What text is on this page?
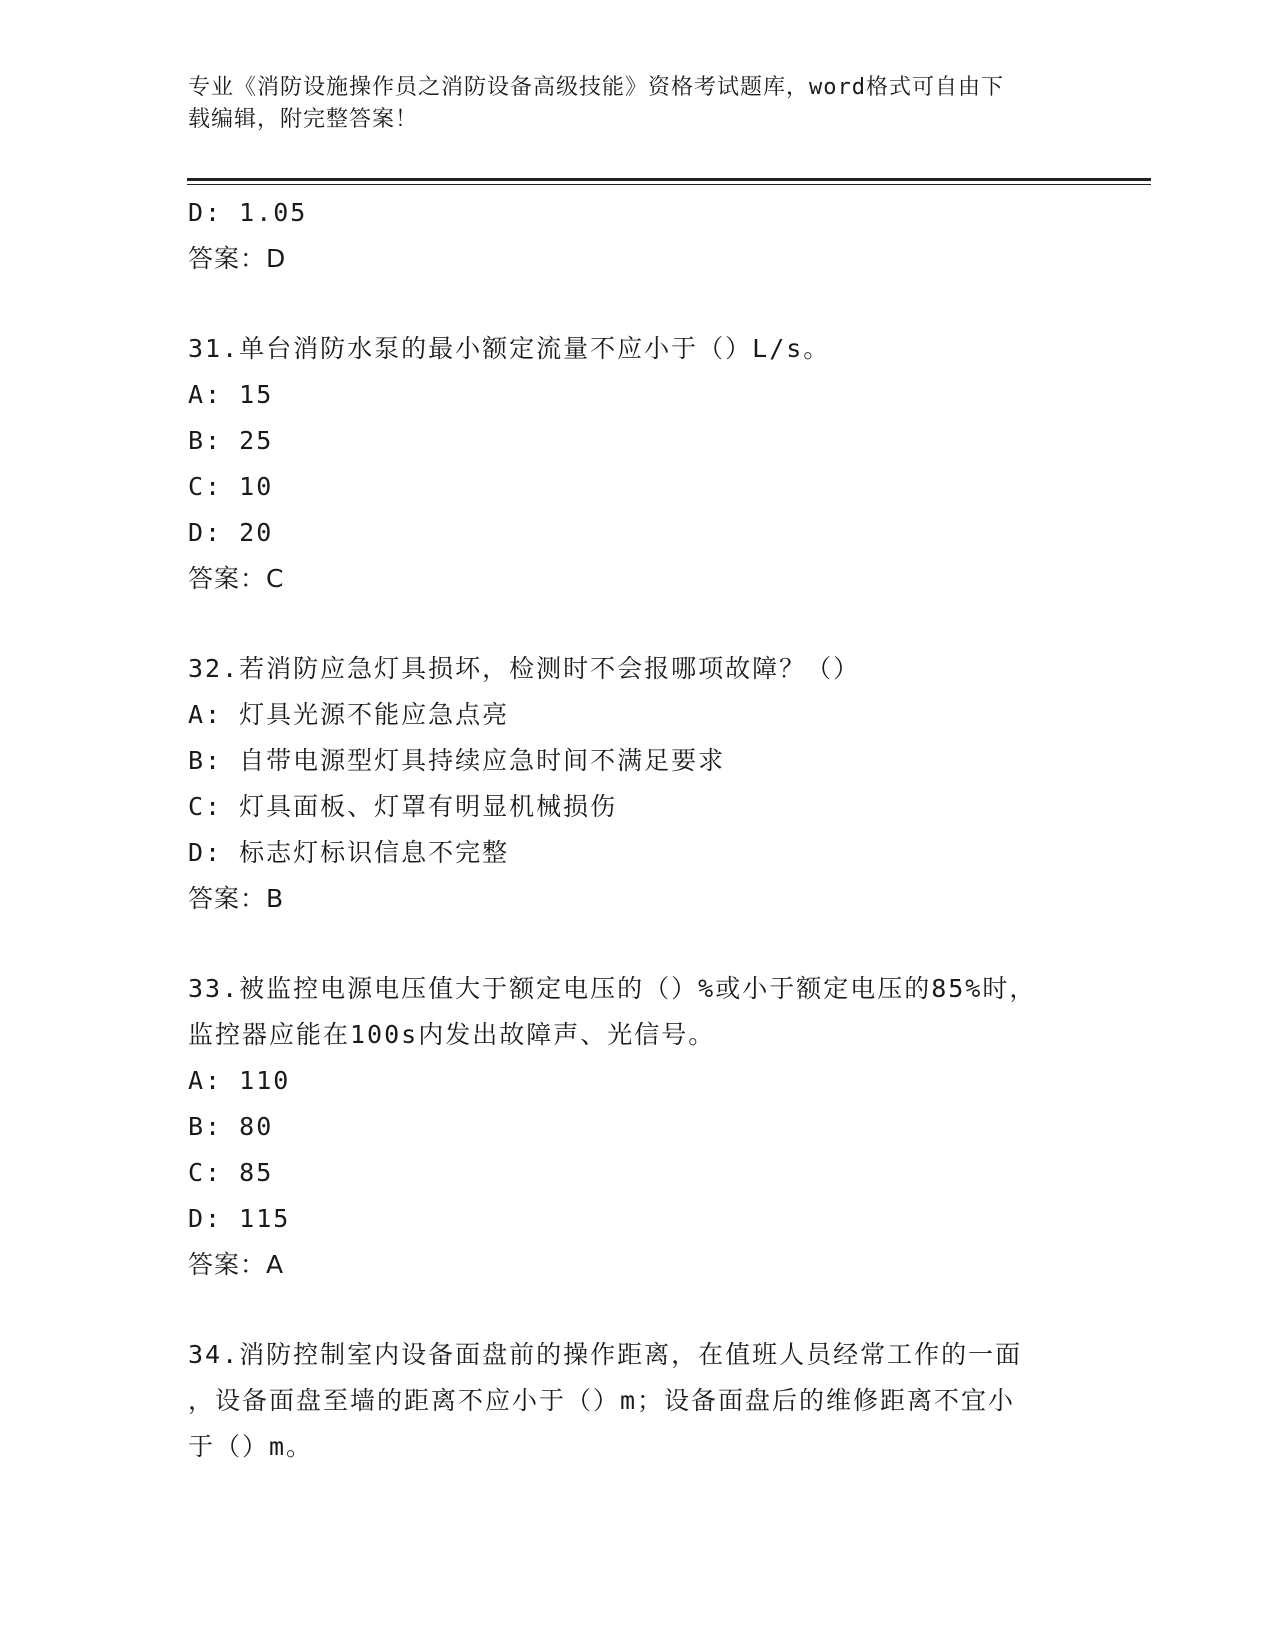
专业《消防设施操作员之消防设备高级技能》资格考试题库，word格式可自由下
载编辑，附完整答案！
D: 1.05
答案：D
31.单台消防水泵的最小额定流量不应小于（）L/s。
A: 15
B: 25
C: 10
D: 20
答案：C
32.若消防应急灯具损坏，检测时不会报哪项故障？（）
A: 灯具光源不能应急点亮
B: 自带电源型灯具持续应急时间不满足要求
C: 灯具面板、灯罩有明显机械损伤
D: 标志灯标识信息不完整
答案：B
33.被监控电源电压值大于额定电压的（）%或小于额定电压的85%时，
监控器应能在100s内发出故障声、光信号。
A: 110
B: 80
C: 85
D: 115
答案：A
34.消防控制室内设备面盘前的操作距离，在值班人员经常工作的一面
，设备面盘至墙的距离不应小于（）m；设备面盘后的维修距离不宜小
于（）m。
